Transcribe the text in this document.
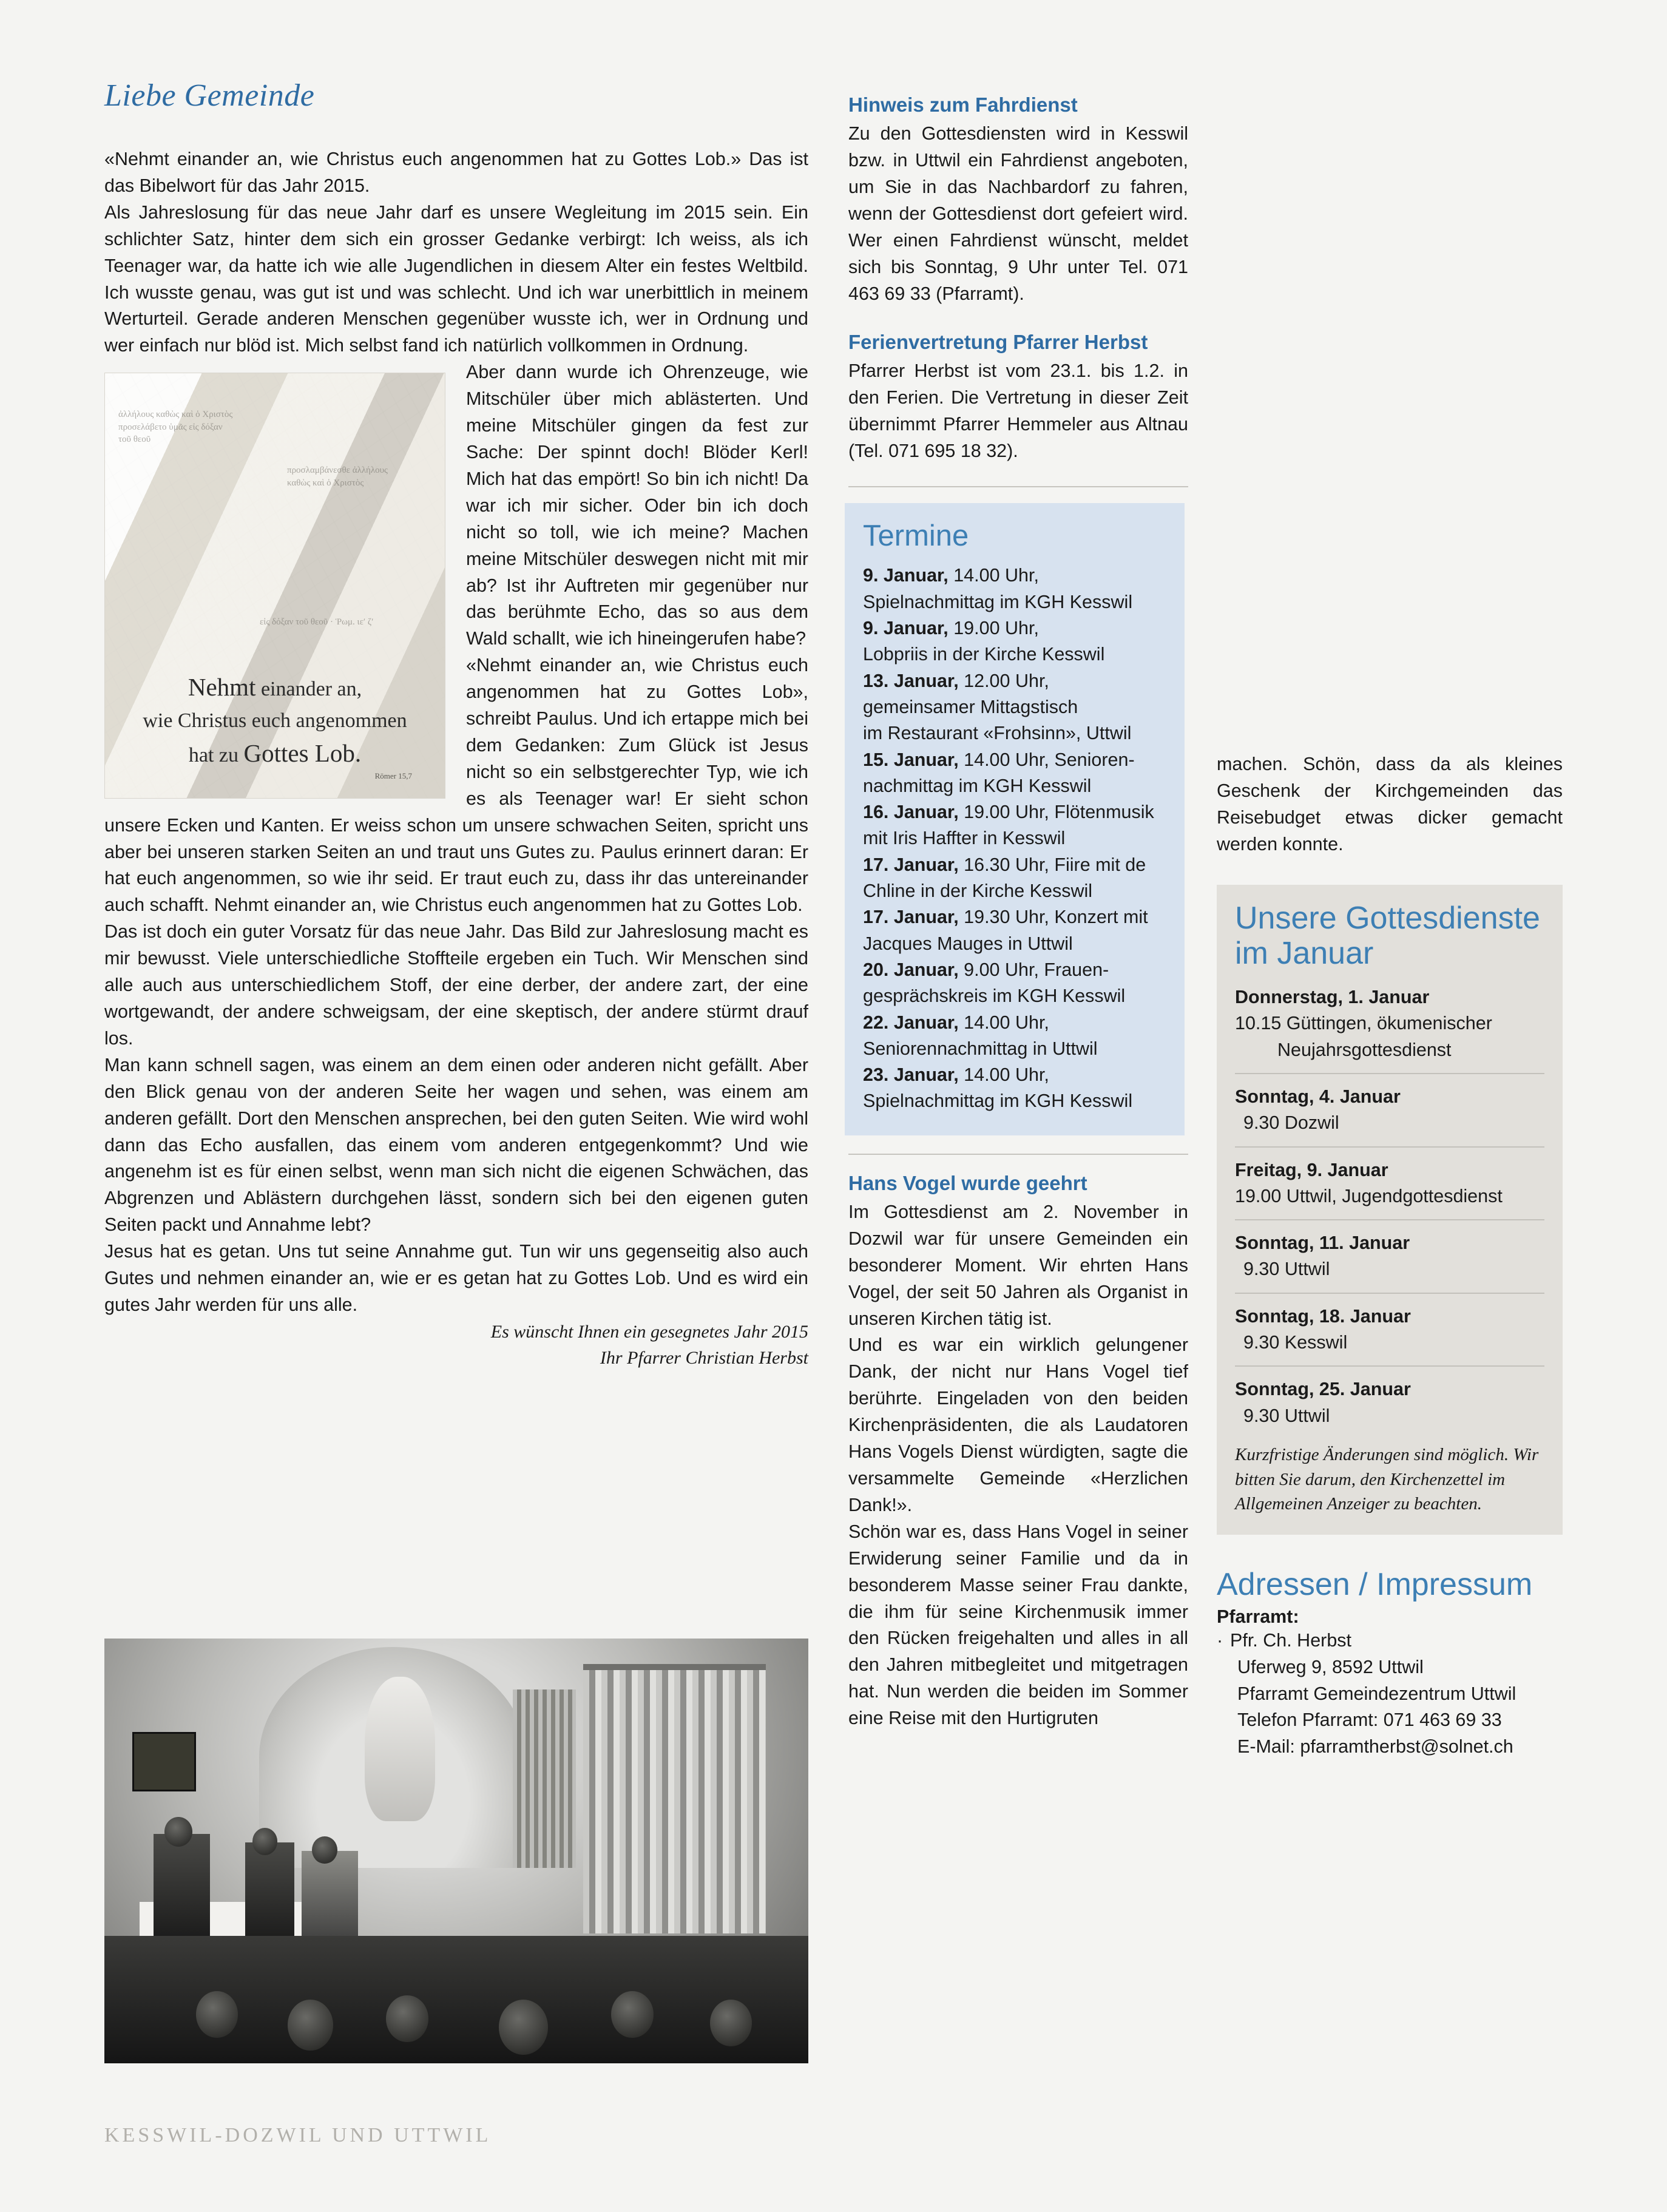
Liebe Gemeinde

«Nehmt einander an, wie Christus euch angenommen hat zu Gottes Lob.» Das ist das Bibelwort für das Jahr 2015.

Als Jahreslosung für das neue Jahr darf es unsere Wegleitung im 2015 sein. Ein schlichter Satz, hinter dem sich ein grosser Gedanke verbirgt: Ich weiss, als ich Teenager war, da hatte ich wie alle Jugendlichen in diesem Alter ein festes Weltbild. Ich wusste genau, was gut ist und was schlecht. Und ich war unerbittlich in meinem Werturteil. Gerade anderen Menschen gegenüber wusste ich, wer in Ordnung und wer einfach nur blöd ist. Mich selbst fand ich natürlich vollkommen in Ordnung.

ἀλλήλους καθὼς καὶ ὁ Χριστὸς προσελάβετο ὑμᾶς εἰς δόξαν τοῦ θεοῦ
προσλαμβάνεσθε ἀλλήλους καθὼς καὶ ὁ Χριστὸς
εἰς δόξαν τοῦ θεοῦ · Ῥωμ. ιε′ ζ′
Nehmt einander an,
wie Christus euch angenommen
hat zu Gottes Lob.
Römer 15,7

Aber dann wurde ich Ohrenzeuge, wie Mitschüler über mich ablästerten. Und meine Mitschüler gingen da fest zur Sache: Der spinnt doch! Blöder Kerl! Mich hat das empört! So bin ich nicht! Da war ich mir sicher. Oder bin ich doch nicht so toll, wie ich meine? Machen meine Mitschüler deswegen nicht mit mir ab? Ist ihr Auftreten mir gegenüber nur das berühmte Echo, das so aus dem Wald schallt, wie ich hineingerufen habe?

«Nehmt einander an, wie Christus euch angenommen hat zu Gottes Lob», schreibt Paulus. Und ich ertappe mich bei dem Gedanken: Zum Glück ist Jesus nicht so ein selbstgerechter Typ, wie ich es als Teenager war! Er sieht schon unsere Ecken und Kanten. Er weiss schon um unsere schwachen Seiten, spricht uns aber bei unseren starken Seiten an und traut uns Gutes zu. Paulus erinnert daran: Er hat euch angenommen, so wie ihr seid. Er traut euch zu, dass ihr das untereinander auch schafft. Nehmt einander an, wie Christus euch angenommen hat zu Gottes Lob.

Das ist doch ein guter Vorsatz für das neue Jahr. Das Bild zur Jahreslosung macht es mir bewusst. Viele unterschiedliche Stoffteile ergeben ein Tuch. Wir Menschen sind alle auch aus unterschiedlichem Stoff, der eine derber, der andere zart, der eine wortgewandt, der andere schweigsam, der eine skeptisch, der andere stürmt drauf los.

Man kann schnell sagen, was einem an dem einen oder anderen nicht gefällt. Aber den Blick genau von der anderen Seite her wagen und sehen, was einem am anderen gefällt. Dort den Menschen ansprechen, bei den guten Seiten. Wie wird wohl dann das Echo ausfallen, das einem vom anderen entgegenkommt? Und wie angenehm ist es für einen selbst, wenn man sich nicht die eigenen Schwächen, das Abgrenzen und Ablästern durchgehen lässt, sondern sich bei den eigenen guten Seiten packt und Annahme lebt?

Jesus hat es getan. Uns tut seine Annahme gut. Tun wir uns gegenseitig also auch Gutes und nehmen einander an, wie er es getan hat zu Gottes Lob. Und es wird ein gutes Jahr werden für uns alle.

Es wünscht Ihnen ein gesegnetes Jahr 2015
Ihr Pfarrer Christian Herbst
KESSWIL-DOZWIL UND UTTWIL
Hinweis zum Fahrdienst

Zu den Gottesdiensten wird in Kesswil bzw. in Uttwil ein Fahrdienst angeboten, um Sie in das Nachbardorf zu fahren, wenn der Gottesdienst dort gefeiert wird. Wer einen Fahrdienst wünscht, meldet sich bis Sonntag, 9 Uhr unter Tel. 071 463 69 33 (Pfarramt).

Ferienvertretung Pfarrer Herbst

Pfarrer Herbst ist vom 23.1. bis 1.2. in den Ferien. Die Vertretung in dieser Zeit übernimmt Pfarrer Hemmeler aus Altnau (Tel. 071 695 18 32).

Termine
9. Januar, 14.00 Uhr,
Spielnachmittag im KGH Kesswil
9. Januar, 19.00 Uhr,
Lobpriis in der Kirche Kesswil
13. Januar, 12.00 Uhr,
gemeinsamer Mittagstisch
im Restaurant «Frohsinn», Uttwil
15. Januar, 14.00 Uhr, Senioren-
nachmittag im KGH Kesswil
16. Januar, 19.00 Uhr, Flötenmusik
mit Iris Haffter in Kesswil
17. Januar, 16.30 Uhr, Fiire mit de
Chline in der Kirche Kesswil
17. Januar, 19.30 Uhr, Konzert mit
Jacques Mauges in Uttwil
20. Januar, 9.00 Uhr, Frauen-
gesprächskreis im KGH Kesswil
22. Januar, 14.00 Uhr,
Seniorennachmittag in Uttwil
23. Januar, 14.00 Uhr,
Spielnachmittag im KGH Kesswil
Hans Vogel wurde geehrt

Im Gottesdienst am 2. November in Dozwil war für unsere Gemeinden ein besonderer Moment. Wir ehrten Hans Vogel, der seit 50 Jahren als Organist in unseren Kirchen tätig ist.

Und es war ein wirklich gelungener Dank, der nicht nur Hans Vogel tief berührte. Eingeladen von den beiden Kirchenpräsidenten, die als Laudatoren Hans Vogels Dienst würdigten, sagte die versammelte Gemeinde «Herzlichen Dank!».

Schön war es, dass Hans Vogel in seiner Erwiderung seiner Familie und da in besonderem Masse seiner Frau dankte, die ihm für seine Kirchenmusik immer den Rücken freigehalten und alles in all den Jahren mitbegleitet und mitgetragen hat. Nun werden die beiden im Sommer eine Reise mit den Hurtigruten

machen. Schön, dass da als kleines Geschenk der Kirchgemeinden das Reisebudget etwas dicker gemacht werden konnte.

Unsere Gottesdienste
im Januar
Donnerstag, 1. Januar
10.15 Güttingen, ökumenischer
Neujahrsgottesdienst
Sonntag, 4. Januar
9.30 Dozwil
Freitag, 9. Januar
19.00 Uttwil, Jugendgottesdienst
Sonntag, 11. Januar
9.30 Uttwil
Sonntag, 18. Januar
9.30 Kesswil
Sonntag, 25. Januar
9.30 Uttwil
Kurzfristige Änderungen sind möglich. Wir bitten Sie darum, den Kirchenzettel im Allgemeinen Anzeiger zu beachten.
Adressen / Impressum
Pfarramt:
· Pfr. Ch. Herbst
Uferweg 9, 8592 Uttwil
Pfarramt Gemeindezentrum Uttwil
Telefon Pfarramt: 071 463 69 33
E-Mail: pfarramtherbst@solnet.ch
